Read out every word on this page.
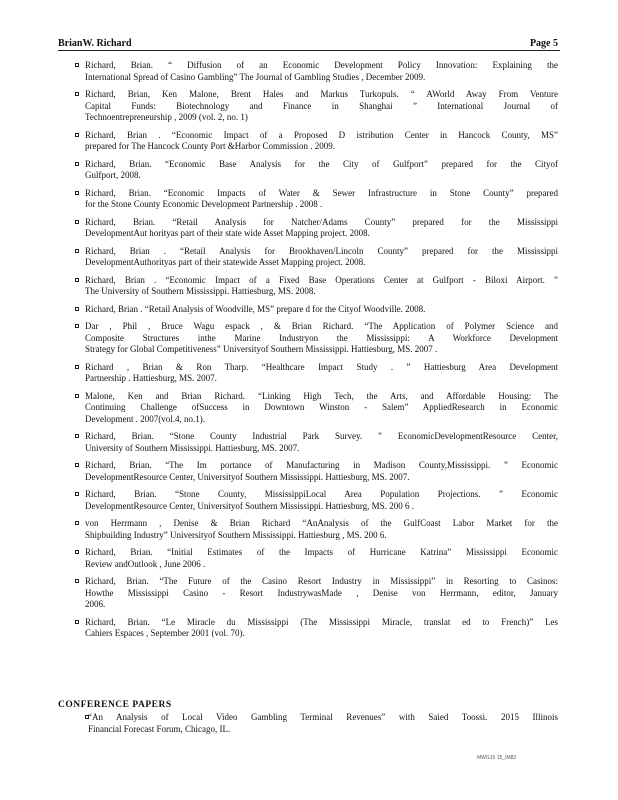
BrianW. Richard	Page 5
Richard, Brian. “ Diffusion of an Economic Development Policy Innovation: Explaining the
International Spread of Casino Gambling” The Journal of Gambling Studies , December 2009.
Richard, Brian, Ken Malone, Brent Hales and Markus Turkopuls. “ AWorld Away From Venture
Capital Funds: Biotechnology and Finance in Shanghai ” International Journal of
Technoentrepreneurship , 2009 (vol. 2, no. 1)
Richard, Brian . “Economic Impact of a Proposed D istribution Center in Hancock County, MS”
prepared for The Hancock County Port &Harbor Commission . 2009.
Richard, Brian. “Economic Base Analysis for the City of Gulfport” prepared for the Cityof
Gulfport, 2008.
Richard, Brian. “Economic Impacts of Water & Sewer Infrastructure in Stone County” prepared
for the Stone County Economic Development Partnership . 2008 .
Richard, Brian. “Retail Analysis for Natcher/Adams County” prepared for the Mississippi
DevelopmentAut horityas part of their state wide Asset Mapping project. 2008.
Richard, Brian . “Retail Analysis for Brookhaven/Lincoln County” prepared for the Mississippi
DevelopmentAuthorityas part of their statewide Asset Mapping project. 2008.
Richard, Brian . “Economic Impact of a Fixed Base Operations Center at Gulfport - Biloxi Airport. ”
The University of Southern Mississippi. Hattiesburg, MS. 2008.
Richard, Brian . “Retail Analysis of Woodville, MS” prepare d for the Cityof Woodville. 2008.
Dar , Phil , Bruce Wagu espack , & Brian Richard. “The Application of Polymer Science and
Composite Structures inthe Marine Industryon the Mississippi: A Workforce Development
Strategy for Global Competitiveness” Universityof Southern Mississippi. Hattiesburg, MS. 2007 .
Richard , Brian & Ron Tharp. “Healthcare Impact Study . ” Hattiesburg Area Development
Partnership . Hattiesburg, MS. 2007.
Malone, Ken and Brian Richard. “Linking High Tech, the Arts, and Affordable Housing: The
Continuing Challenge ofSuccess in Downtown Winston - Salem” AppliedResearch in Economic
Development . 2007(vol.4, no.1).
Richard, Brian. “Stone County Industrial Park Survey. ” EconomicDevelopmentResource Center,
University of Southern Mississippi. Hattiesburg, MS. 2007.
Richard, Brian. “The Im portance of Manufacturing in Madison County,Mississippi. ” Economic
DevelopmentResource Center, Universityof Southern Mississippi. Hattiesburg, MS. 2007.
Richard, Brian. “Stone County, MississippiLocal Area Population Projections. ” Economic
DevelopmentResource Center, Universityof Southern Mississippi. Hattiesburg, MS. 200 6 .
von Herrmann , Denise & Brian Richard “AnAnalysis of the GulfCoast Labor Market for the
Shipbuilding Industry” Universityof Southern Mississippi. Hattiesburg , MS. 200 6.
Richard, Brian. “Initial Estimates of the Impacts of Hurricane Katrina” Mississippi Economic
Review andOutlook , June 2006 .
Richard, Brian. “The Future of the Casino Resort Industry in Mississippi” in Resorting to Casinos:
Howthe Mississippi Casino - Resort IndustrywasMade , Denise von Herrmann, editor, January
2006.
Richard, Brian. “Le Miracle du Mississippi (The Mississippi Miracle, translat ed to French)” Les
Cahiers Espaces , September 2001 (vol. 70).
CONFERENCE PAPERS
“An Analysis of Local Video Gambling Terminal Revenues” with Saied Toossi. 2015 Illinois
Financial Forecast Forum, Chicago, IL.
MWG15 15_IM82
